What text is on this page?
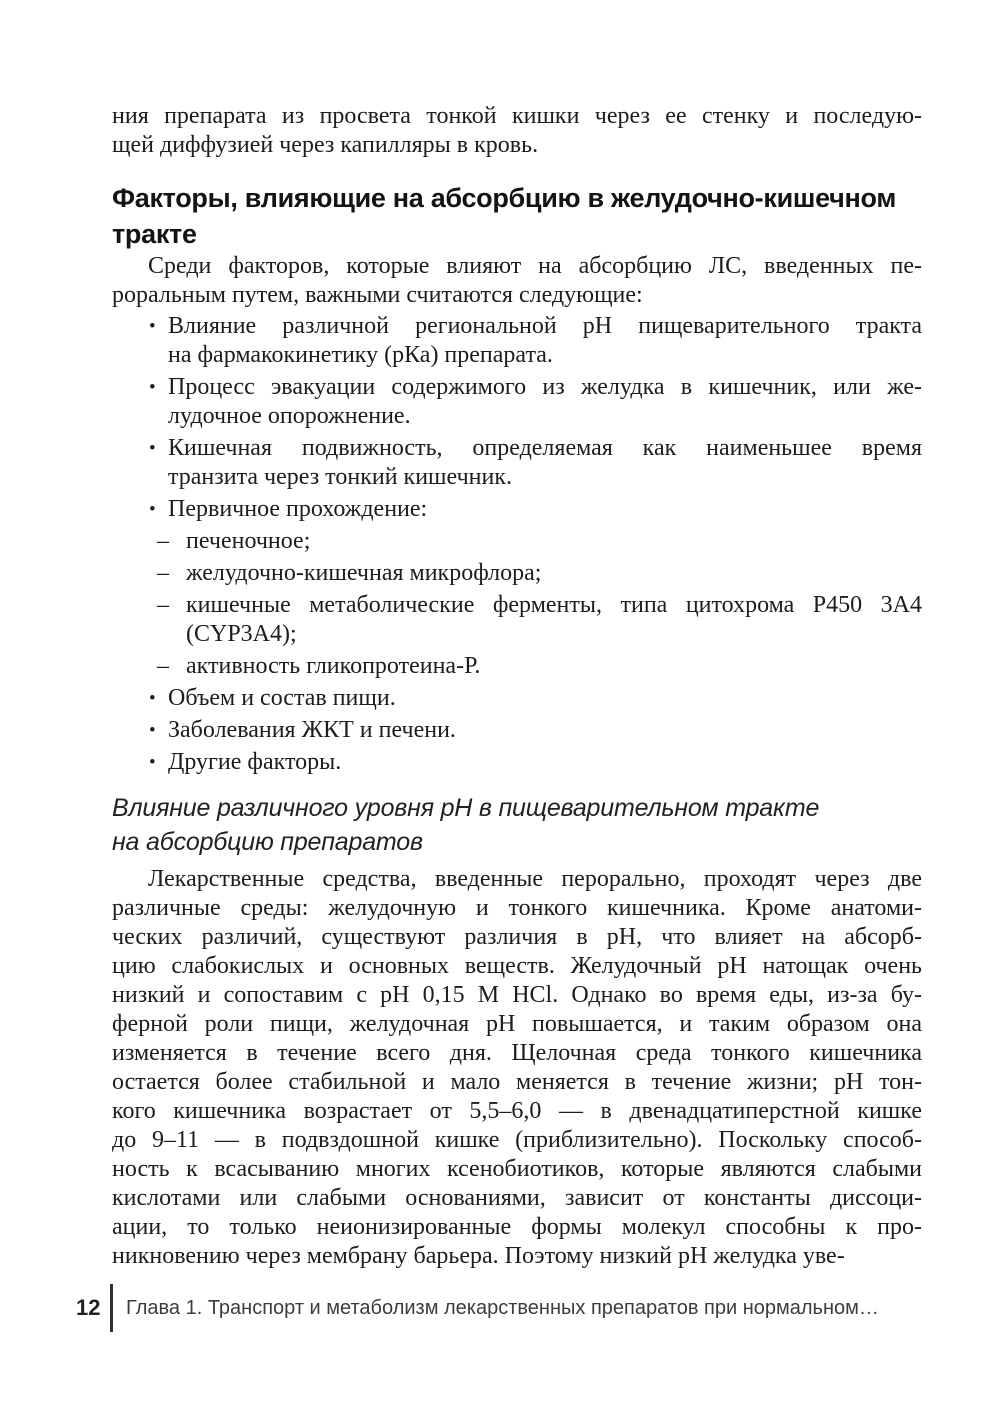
ния препарата из просвета тонкой кишки через ее стенку и последую-
щей диффузией через капилляры в кровь.
Факторы, влияющие на абсорбцию в желудочно-кишечном
тракте
Среди факторов, которые влияют на абсорбцию ЛС, введенных пе-
роральным путем, важными считаются следующие:
• Влияние различной региональной рН пищеварительного тракта
на фармакокинетику (рКа) препарата.
• Процесс эвакуации содержимого из желудка в кишечник, или же-
лудочное опорожнение.
• Кишечная подвижность, определяемая как наименьшее время
транзита через тонкий кишечник.
• Первичное прохождение:
– печеночное;
– желудочно-кишечная микрофлора;
– кишечные метаболические ферменты, типа цитохрома Р450 3А4
(CYP3A4);
– активность гликопротеина-Р.
• Объем и состав пищи.
• Заболевания ЖКТ и печени.
• Другие факторы.
Влияние различного уровня pH в пищеварительном тракте
на абсорбцию препаратов
Лекарственные средства, введенные перорально, проходят через две
различные среды: желудочную и тонкого кишечника. Кроме анатоми-
ческих различий, существуют различия в рН, что влияет на абсорб-
цию слабокислых и основных веществ. Желудочный рН натощак очень
низкий и сопоставим с рН 0,15 М HCl. Однако во время еды, из-за бу-
ферной роли пищи, желудочная рН повышается, и таким образом она
изменяется в течение всего дня. Щелочная среда тонкого кишечника
остается более стабильной и мало меняется в течение жизни; рН тон-
кого кишечника возрастает от 5,5–6,0 — в двенадцатиперстной кишке
до 9–11 — в подвздошной кишке (приблизительно). Поскольку способ-
ность к всасыванию многих ксенобиотиков, которые являются слабыми
кислотами или слабыми основаниями, зависит от константы диссоци-
ации, то только неионизированные формы молекул способны к про-
никновению через мембрану барьера. Поэтому низкий рН желудка уве-
12 Глава 1. Транспорт и метаболизм лекарственных препаратов при нормальном…
